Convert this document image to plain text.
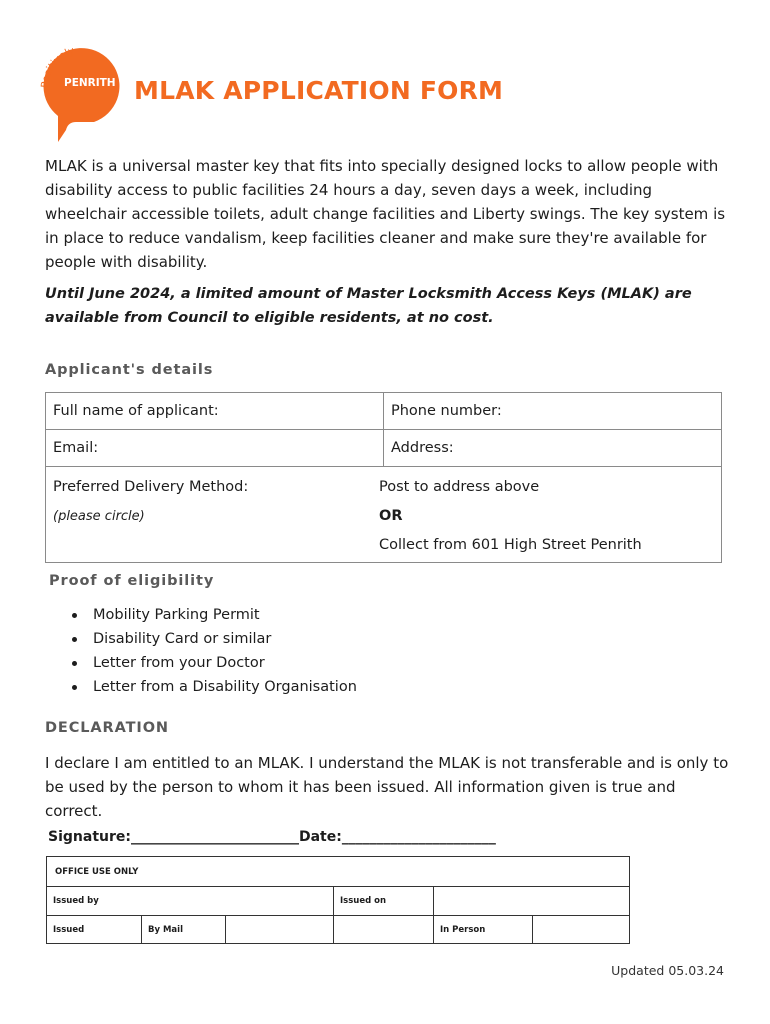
Positively
PENRITH MLAK APPLICATION FORM

MLAK is a universal master key that fits into specially designed locks to allow people with disability access to public facilities 24 hours a day, seven days a week, including wheelchair accessible toilets, adult change facilities and Liberty swings. The key system is in place to reduce vandalism, keep facilities cleaner and make sure they're available for people with disability.

Until June 2024, a limited amount of Master Locksmith Access Keys (MLAK) are available from Council to eligible residents, at no cost.

Applicant's details
Full name of applicant:	Phone number:
Email:	Address:
Preferred Delivery Method:
(please circle)
Post to address above
OR
Collect from 601 High Street Penrith
Proof of eligibility
Mobility Parking Permit
Disability Card or similar
Letter from your Doctor
Letter from a Disability Organisation
DECLARATION

I declare I am entitled to an MLAK. I understand the MLAK is not transferable and is only to be used by the person to whom it has been issued. All information given is true and correct.

Signature:________________________Date:______________________

OFFICE USE ONLY
Issued by	Issued on
Issued	By Mail	In Person

Updated 05.03.24
